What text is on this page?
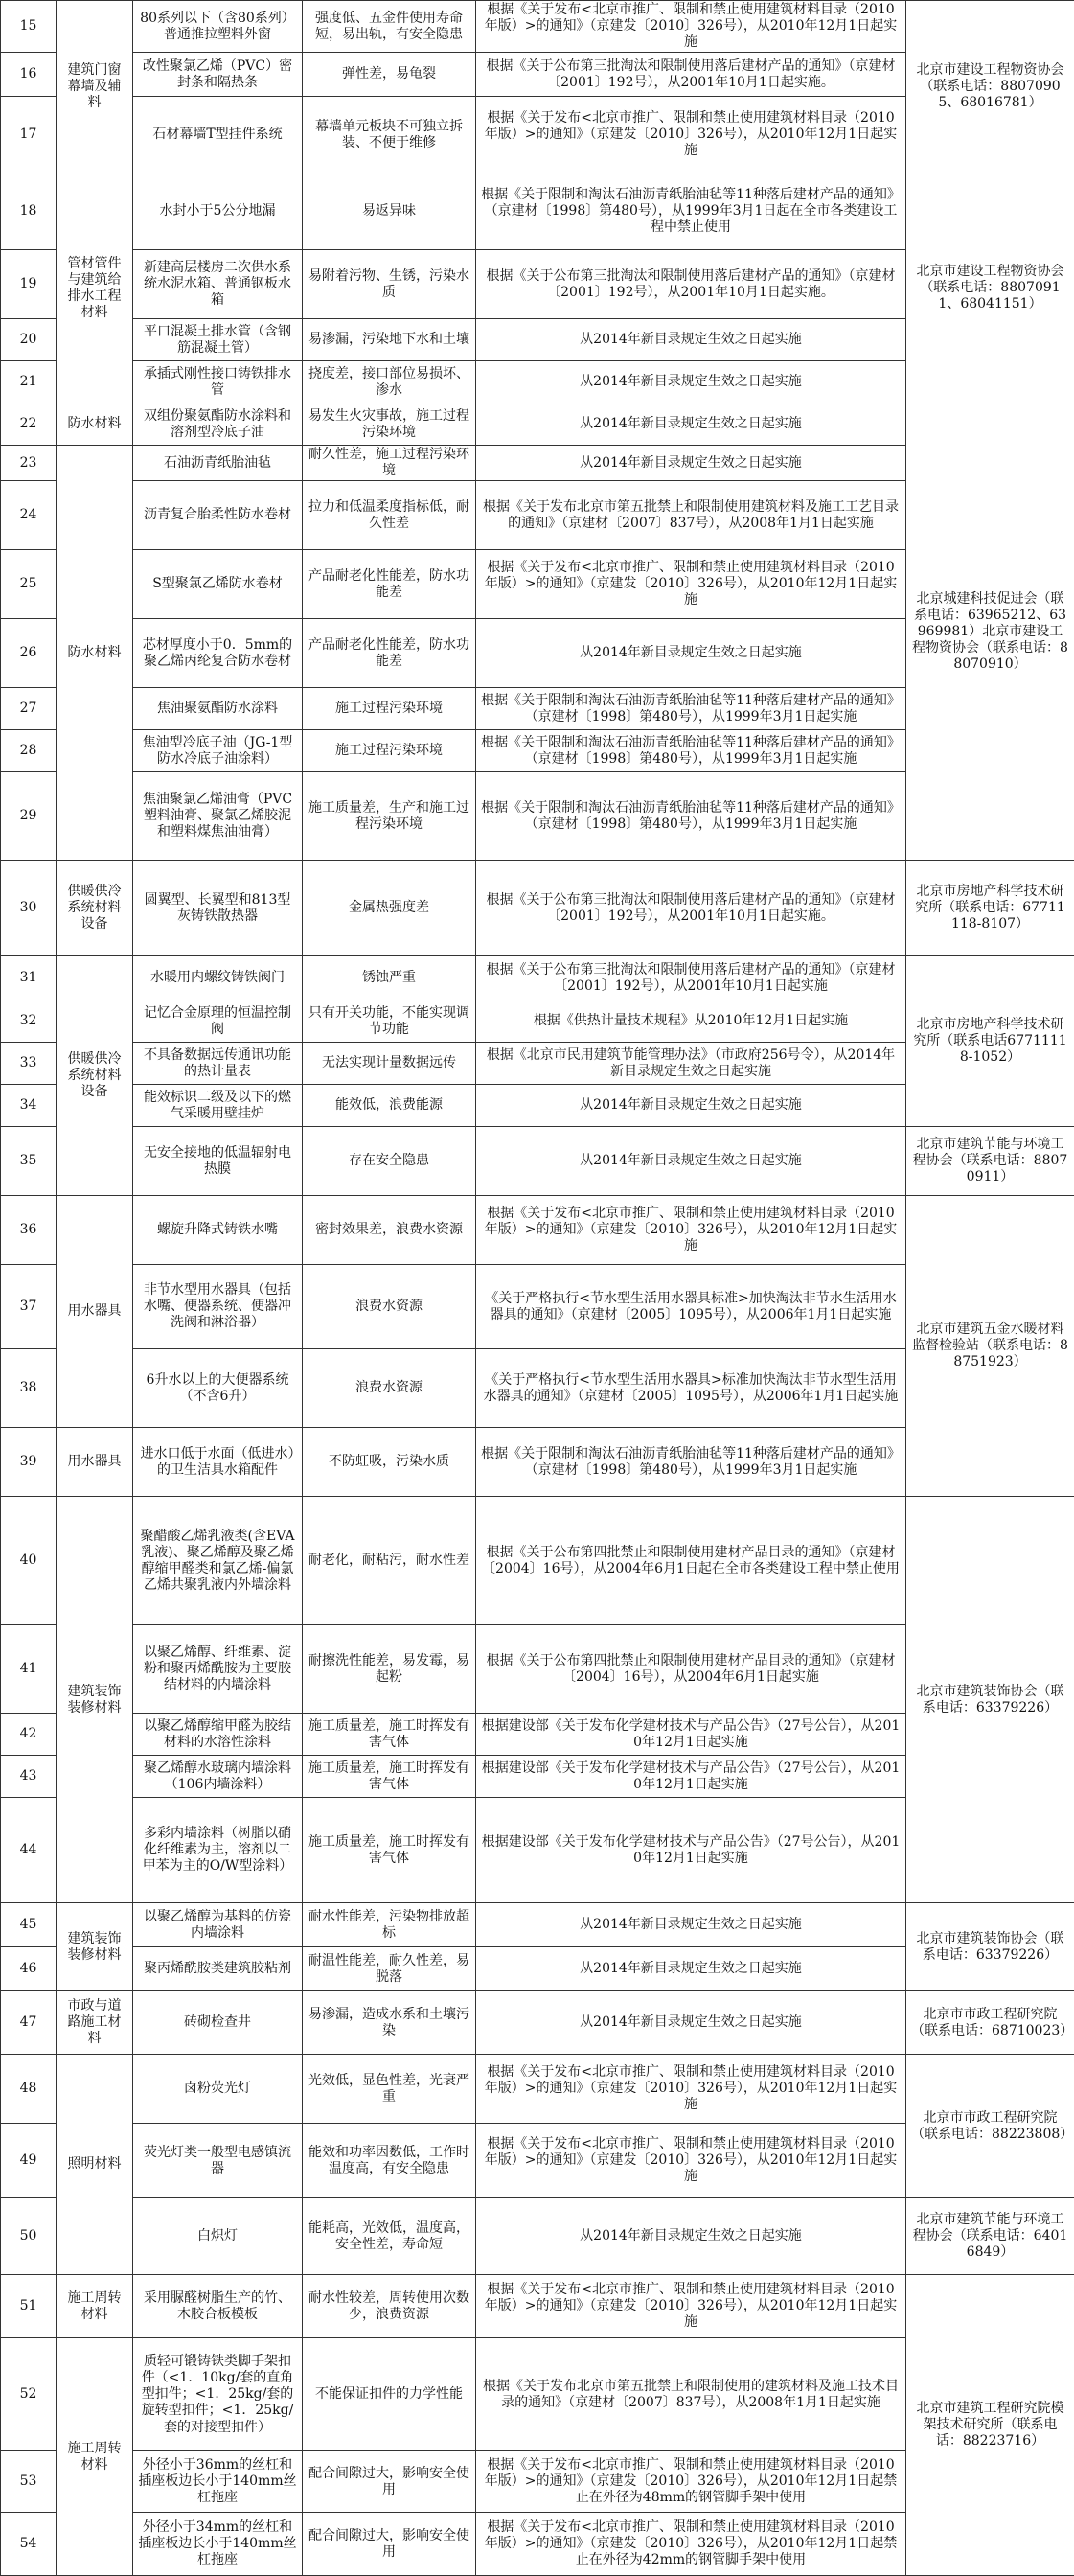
15	建筑门窗幕墙及辅料	80系列以下（含80系列）普通推拉塑料外窗	强度低、五金件使用寿命短，易出轨，有安全隐患	根据《关于发布<北京市推广、限制和禁止使用建筑材料目录（2010年版）>的通知》（京建发〔2010〕326号），从2010年12月1日起实施	北京市建设工程物资协会（联系电话：88070905、68016781）
16		改性聚氯乙烯（PVC）密封条和隔热条	弹性差，易龟裂	根据《关于公布第三批淘汰和限制使用落后建材产品的通知》（京建材〔2001〕192号），从2001年10月1日起实施。	
17		石材幕墙T型挂件系统	幕墙单元板块不可独立拆装、不便于维修	根据《关于发布<北京市推广、限制和禁止使用建筑材料目录（2010年版）>的通知》（京建发〔2010〕326号），从2010年12月1日起实施	
18	管材管件与建筑给排水工程材料	水封小于5公分地漏	易返异味	根据《关于限制和淘汰石油沥青纸胎油毡等11种落后建材产品的通知》（京建材〔1998〕第480号），从1999年3月1日起在全市各类建设工程中禁止使用	北京市建设工程物资协会（联系电话：88070911、68041151）
19		新建高层楼房二次供水系统水泥水箱、普通钢板水箱	易附着污物、生锈，污染水质	根据《关于公布第三批淘汰和限制使用落后建材产品的通知》（京建材〔2001〕192号），从2001年10月1日起实施。	
20		平口混凝土排水管（含钢筋混凝土管）	易渗漏，污染地下水和土壤	从2014年新目录规定生效之日起实施	
21		承插式刚性接口铸铁排水管	挠度差，接口部位易损坏、渗水	从2014年新目录规定生效之日起实施	
22	防水材料	双组份聚氨酯防水涂料和溶剂型冷底子油	易发生火灾事故，施工过程污染环境	从2014年新目录规定生效之日起实施	北京城建科技促进会（联系电话：63965212、63969981）北京市建设工程物资协会（联系电话：88070910）
23	防水材料	石油沥青纸胎油毡	耐久性差，施工过程污染环境	从2014年新目录规定生效之日起实施	
24		沥青复合胎柔性防水卷材	拉力和低温柔度指标低，耐久性差	根据《关于发布北京市第五批禁止和限制使用建筑材料及施工工艺目录的通知》（京建材〔2007〕837号），从2008年1月1日起实施	
25		S型聚氯乙烯防水卷材	产品耐老化性能差，防水功能差	根据《关于发布<北京市推广、限制和禁止使用建筑材料目录（2010年版）>的通知》（京建发〔2010〕326号），从2010年12月1日起实施	
26		芯材厚度小于0．5mm的聚乙烯丙纶复合防水卷材	产品耐老化性能差，防水功能差	从2014年新目录规定生效之日起实施	
27		焦油聚氨酯防水涂料	施工过程污染环境	根据《关于限制和淘汰石油沥青纸胎油毡等11种落后建材产品的通知》（京建材〔1998〕第480号），从1999年3月1日起实施	
28		焦油型冷底子油（JG-1型防水冷底子油涂料）	施工过程污染环境	根据《关于限制和淘汰石油沥青纸胎油毡等11种落后建材产品的通知》（京建材〔1998〕第480号），从1999年3月1日起实施	
29		焦油聚氯乙烯油膏（PVC塑料油膏、聚氯乙烯胶泥和塑料煤焦油油膏）	施工质量差，生产和施工过程污染环境	根据《关于限制和淘汰石油沥青纸胎油毡等11种落后建材产品的通知》（京建材〔1998〕第480号），从1999年3月1日起实施	
30	供暖供冷系统材料设备	圆翼型、长翼型和813型灰铸铁散热器	金属热强度差	根据《关于公布第三批淘汰和限制使用落后建材产品的通知》（京建材〔2001〕192号），从2001年10月1日起实施。	北京市房地产科学技术研究所（联系电话：67711118-8107）
31	供暖供冷系统材料设备	水暖用内螺纹铸铁阀门	锈蚀严重	根据《关于公布第三批淘汰和限制使用落后建材产品的通知》（京建材〔2001〕192号），从2001年10月1日起实施	北京市房地产科学技术研究所（联系电话67711118-1052）
32		记忆合金原理的恒温控制阀	只有开关功能，不能实现调节功能	根据《供热计量技术规程》从2010年12月1日起实施	
33		不具备数据远传通讯功能的热计量表	无法实现计量数据远传	根据《北京市民用建筑节能管理办法》（市政府256号令），从2014年新目录规定生效之日起实施	
34		能效标识二级及以下的燃气采暖用壁挂炉	能效低，浪费能源	从2014年新目录规定生效之日起实施	
35		无安全接地的低温辐射电热膜	存在安全隐患	从2014年新目录规定生效之日起实施	北京市建筑节能与环境工程协会（联系电话：88070911）
36	用水器具	螺旋升降式铸铁水嘴	密封效果差，浪费水资源	根据《关于发布<北京市推广、限制和禁止使用建筑材料目录（2010年版）>的通知》（京建发〔2010〕326号），从2010年12月1日起实施	北京市建筑五金水暖材料监督检验站（联系电话：88751923）
37		非节水型用水器具（包括水嘴、便器系统、便器冲洗阀和淋浴器）	浪费水资源	《关于严格执行<节水型生活用水器具标准>加快淘汰非节水生活用水器具的通知》（京建材〔2005〕1095号），从2006年1月1日起实施	
38		6升水以上的大便器系统（不含6升）	浪费水资源	《关于严格执行<节水型生活用水器具>标准加快淘汰非节水型生活用水器具的通知》（京建材〔2005〕1095号），从2006年1月1日起实施	
39	用水器具	进水口低于水面（低进水）的卫生洁具水箱配件	不防虹吸，污染水质	根据《关于限制和淘汰石油沥青纸胎油毡等11种落后建材产品的通知》（京建材〔1998〕第480号），从1999年3月1日起实施	
40	建筑装饰装修材料	聚醋酸乙烯乳液类(含EVA乳液)、聚乙烯醇及聚乙烯醇缩甲醛类和氯乙烯-偏氯乙烯共聚乳液内外墙涂料	耐老化，耐粘污，耐水性差	根据《关于公布第四批禁止和限制使用建材产品目录的通知》（京建材〔2004〕16号），从2004年6月1日起在全市各类建设工程中禁止使用	北京市建筑装饰协会（联系电话：63379226）
41		以聚乙烯醇、纤维素、淀粉和聚丙烯酰胺为主要胶结材料的内墙涂料	耐擦洗性能差，易发霉，易起粉	根据《关于公布第四批禁止和限制使用建材产品目录的通知》（京建材〔2004〕16号），从2004年6月1日起实施	
42		以聚乙烯醇缩甲醛为胶结材料的水溶性涂料	施工质量差，施工时挥发有害气体	根据建设部《关于发布化学建材技术与产品公告》（27号公告），从2010年12月1日起实施	
43		聚乙烯醇水玻璃内墙涂料（106内墙涂料）	施工质量差，施工时挥发有害气体	根据建设部《关于发布化学建材技术与产品公告》（27号公告），从2010年12月1日起实施	
44		多彩内墙涂料（树脂以硝化纤维素为主，溶剂以二甲苯为主的O/W型涂料）	施工质量差，施工时挥发有害气体	根据建设部《关于发布化学建材技术与产品公告》（27号公告），从2010年12月1日起实施	
45	建筑装饰装修材料	以聚乙烯醇为基料的仿瓷内墙涂料	耐水性能差，污染物排放超标	从2014年新目录规定生效之日起实施	北京市建筑装饰协会（联系电话：63379226）
46		聚丙烯酰胺类建筑胶粘剂	耐温性能差，耐久性差，易脱落	从2014年新目录规定生效之日起实施	
47	市政与道路施工材料	砖砌检查井	易渗漏，造成水系和土壤污染	从2014年新目录规定生效之日起实施	北京市市政工程研究院（联系电话：68710023）
48	照明材料	卤粉荧光灯	光效低，显色性差，光衰严重	根据《关于发布<北京市推广、限制和禁止使用建筑材料目录（2010年版）>的通知》（京建发〔2010〕326号），从2010年12月1日起实施	北京市市政工程研究院（联系电话：88223808）
49		荧光灯类一般型电感镇流器	能效和功率因数低，工作时温度高，有安全隐患	根据《关于发布<北京市推广、限制和禁止使用建筑材料目录（2010年版）>的通知》（京建发〔2010〕326号），从2010年12月1日起实施	
50		白炽灯	能耗高，光效低，温度高，安全性差，寿命短	从2014年新目录规定生效之日起实施	北京市建筑节能与环境工程协会（联系电话：64016849）
51	施工周转材料	采用脲醛树脂生产的竹、木胶合板模板	耐水性较差，周转使用次数少，浪费资源	根据《关于发布<北京市推广、限制和禁止使用建筑材料目录（2010年版）>的通知》（京建发〔2010〕326号），从2010年12月1日起实施	北京市建筑工程研究院模架技术研究所（联系电话：88223716）
52	施工周转材料	质轻可锻铸铁类脚手架扣件（<1．10kg/套的直角型扣件；<1．25kg/套的旋转型扣件；<1．25kg/套的对接型扣件）	不能保证扣件的力学性能	根据《关于发布北京市第五批禁止和限制使用的建筑材料及施工技术目录的通知》（京建材〔2007〕837号），从2008年1月1日起实施	
53		外径小于36mm的丝杠和插座板边长小于140mm丝杠拖座	配合间隙过大，影响安全使用	根据《关于发布<北京市推广、限制和禁止使用建筑材料目录（2010年版）>的通知》（京建发〔2010〕326号），从2010年12月1日起禁止在外径为48mm的钢管脚手架中使用	
54		外径小于34mm的丝杠和插座板边长小于140mm丝杠拖座	配合间隙过大，影响安全使用	根据《关于发布<北京市推广、限制和禁止使用建筑材料目录（2010年版）>的通知》（京建发〔2010〕326号），从2010年12月1日起禁止在外径为42mm的钢管脚手架中使用	
